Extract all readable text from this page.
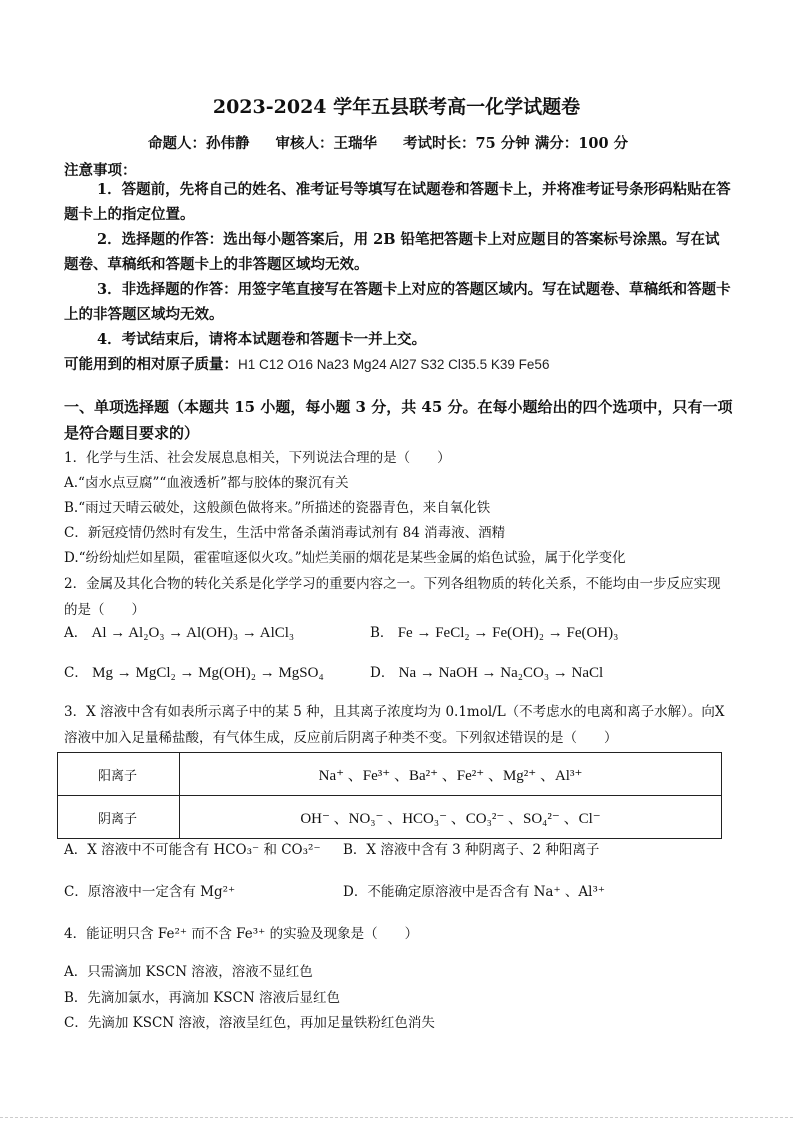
2023-2024 学年五县联考高一化学试题卷
命题人：孙伟静 审核人：王瑞华 考试时长：75 分钟 满分：100 分
注意事项：
1．答题前，先将自己的姓名、准考证号等填写在试题卷和答题卡上，并将准考证号条形码粘贴在答题卡上的指定位置。
2．选择题的作答：选出每小题答案后，用 2B 铅笔把答题卡上对应题目的答案标号涂黑。写在试题卷、草稿纸和答题卡上的非答题区域均无效。
3．非选择题的作答：用签字笔直接写在答题卡上对应的答题区域内。写在试题卷、草稿纸和答题卡上的非答题区域均无效。
4．考试结束后，请将本试题卷和答题卡一并上交。
可能用到的相对原子质量：H1 C12 O16 Na23 Mg24 Al27 S32 Cl35.5 K39 Fe56
一、单项选择题（本题共 15 小题，每小题 3 分，共 45 分。在每小题给出的四个选项中，只有一项是符合题目要求的）
1．化学与生活、社会发展息息相关，下列说法合理的是（　　）
A.“卤水点豆腐”“血液透析”都与胶体的聚沉有关
B.“雨过天晴云破处，这般颜色做将来。”所描述的瓷器青色，来自氧化铁
C．新冠疫情仍然时有发生，生活中常备杀菌消毒试剂有 84 消毒液、酒精
D.“纷纷灿烂如星陨，霍霍喧逐似火攻。”灿烂美丽的烟花是某些金属的焰色试验，属于化学变化
2．金属及其化合物的转化关系是化学学习的重要内容之一。下列各组物质的转化关系，不能均由一步反应实现的是（　　）
A． Al → Al₂O₃ → Al(OH)₃ → AlCl₃	B． Fe → FeCl₂ → Fe(OH)₂ → Fe(OH)₃
C． Mg → MgCl₂ → Mg(OH)₂ → MgSO₄	D． Na → NaOH → Na₂CO₃ → NaCl
3．X 溶液中含有如表所示离子中的某 5 种，且其离子浓度均为 0.1mol/L（不考虑水的电离和离子水解）。向X 溶液中加入足量稀盐酸，有气体生成，反应前后阴离子种类不变。下列叙述错误的是（　　）
阳离子	Na⁺ 、Fe³⁺ 、Ba²⁺ 、Fe²⁺ 、Mg²⁺ 、Al³⁺
阴离子	OH⁻ 、NO₃⁻ 、HCO₃⁻ 、CO₃²⁻ 、SO₄²⁻ 、Cl⁻
A．X 溶液中不可能含有 HCO₃⁻ 和 CO₃²⁻ B．X 溶液中含有 3 种阴离子、2 种阳离子
C．原溶液中一定含有 Mg²⁺	D．不能确定原溶液中是否含有 Na⁺ 、Al³⁺
4．能证明只含 Fe²⁺ 而不含 Fe³⁺ 的实验及现象是（　　）
A．只需滴加 KSCN 溶液，溶液不显红色
B．先滴加氯水，再滴加 KSCN 溶液后显红色
C．先滴加 KSCN 溶液，溶液呈红色，再加足量铁粉红色消失
